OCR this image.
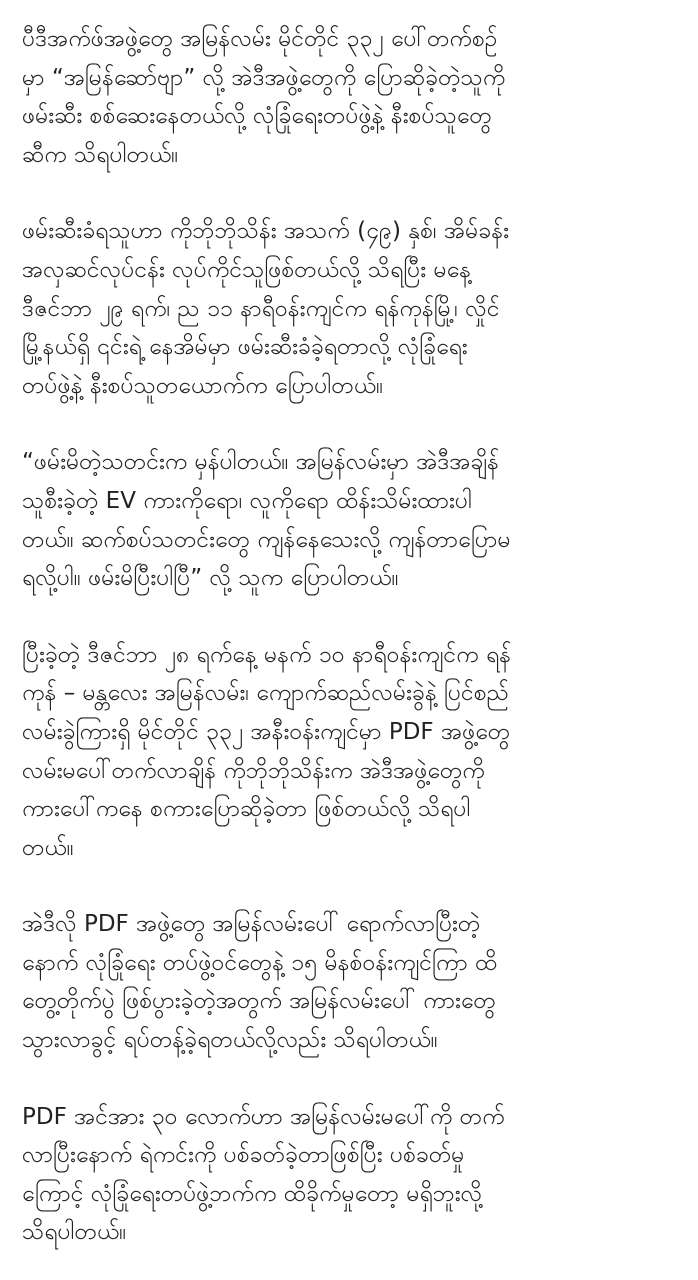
ပီဒီအက်ဖ်အဖွဲ့တွေ အမြန်လမ်း မိုင်တိုင် ၃၃၂ ပေါ်တက်စဉ်
မှာ “အမြန်ဆော်ဗျာ” လို့ အဲဒီအဖွဲ့တွေကို ပြောဆိုခဲ့တဲ့သူကို
ဖမ်းဆီး စစ်ဆေးနေတယ်လို့ လုံခြုံရေးတပ်ဖွဲ့နဲ့ နီးစပ်သူတွေ
ဆီက သိရပါတယ်။
ဖမ်းဆီးခံရသူဟာ ကိုဘိုဘိုသိန်း အသက် (၄၉) နှစ်၊ အိမ်ခန်း
အလှဆင်လုပ်ငန်း လုပ်ကိုင်သူဖြစ်တယ်လို့ သိရပြီး မနေ့
ဒီဇင်ဘာ ၂၉ ရက်၊ ည ၁၁ နာရီဝန်းကျင်က ရန်ကုန်မြို့၊ လှိုင်
မြို့နယ်ရှိ ၎င်းရဲ့ နေအိမ်မှာ ဖမ်းဆီးခံခဲ့ရတာလို့ လုံခြုံရေး
တပ်ဖွဲ့နဲ့ နီးစပ်သူတယောက်က ပြောပါတယ်။
“ဖမ်းမိတဲ့သတင်းက မှန်ပါတယ်။ အမြန်လမ်းမှာ အဲဒီအချိန်
သူစီးခဲ့တဲ့ EV ကားကိုရော၊ လူကိုရော ထိန်းသိမ်းထားပါ
တယ်။ ဆက်စပ်သတင်းတွေ ကျန်နေသေးလို့ ကျန်တာပြောမ
ရလို့ပါ။ ဖမ်းမိပြီးပါပြီ” လို့ သူက ပြောပါတယ်။
ပြီးခဲ့တဲ့ ဒီဇင်ဘာ ၂၈ ရက်နေ့ မနက် ၁၀ နာရီဝန်းကျင်က ရန်
ကုန် – မန္တလေး အမြန်လမ်း၊ ကျောက်ဆည်လမ်းခွဲနဲ့ ပြင်စည်
လမ်းခွဲကြားရှိ မိုင်တိုင် ၃၃၂ အနီးဝန်းကျင်မှာ PDF အဖွဲ့တွေ
လမ်းမပေါ်တက်လာချိန် ကိုဘိုဘိုသိန်းက အဲဒီအဖွဲ့တွေကို
ကားပေါ်ကနေ စကားပြောဆိုခဲ့တာ ဖြစ်တယ်လို့ သိရပါ
တယ်။
အဲဒီလို PDF အဖွဲ့တွေ အမြန်လမ်းပေါ် ရောက်လာပြီးတဲ့
နောက် လုံခြုံရေး တပ်ဖွဲ့ဝင်တွေနဲ့ ၁၅ မိနစ်ဝန်းကျင်ကြာ ထိ
တွေ့တိုက်ပွဲ ဖြစ်ပွားခဲ့တဲ့အတွက် အမြန်လမ်းပေါ် ကားတွေ
သွားလာခွင့် ရပ်တန့်ခဲ့ရတယ်လို့လည်း သိရပါတယ်။
PDF အင်အား ၃၀ လောက်ဟာ အမြန်လမ်းမပေါ်ကို တက်
လာပြီးနောက် ရဲကင်းကို ပစ်ခတ်ခဲ့တာဖြစ်ပြီး ပစ်ခတ်မှု
ကြောင့် လုံခြုံရေးတပ်ဖွဲ့ဘက်က ထိခိုက်မှုတော့ မရှိဘူးလို့
သိရပါတယ်။
